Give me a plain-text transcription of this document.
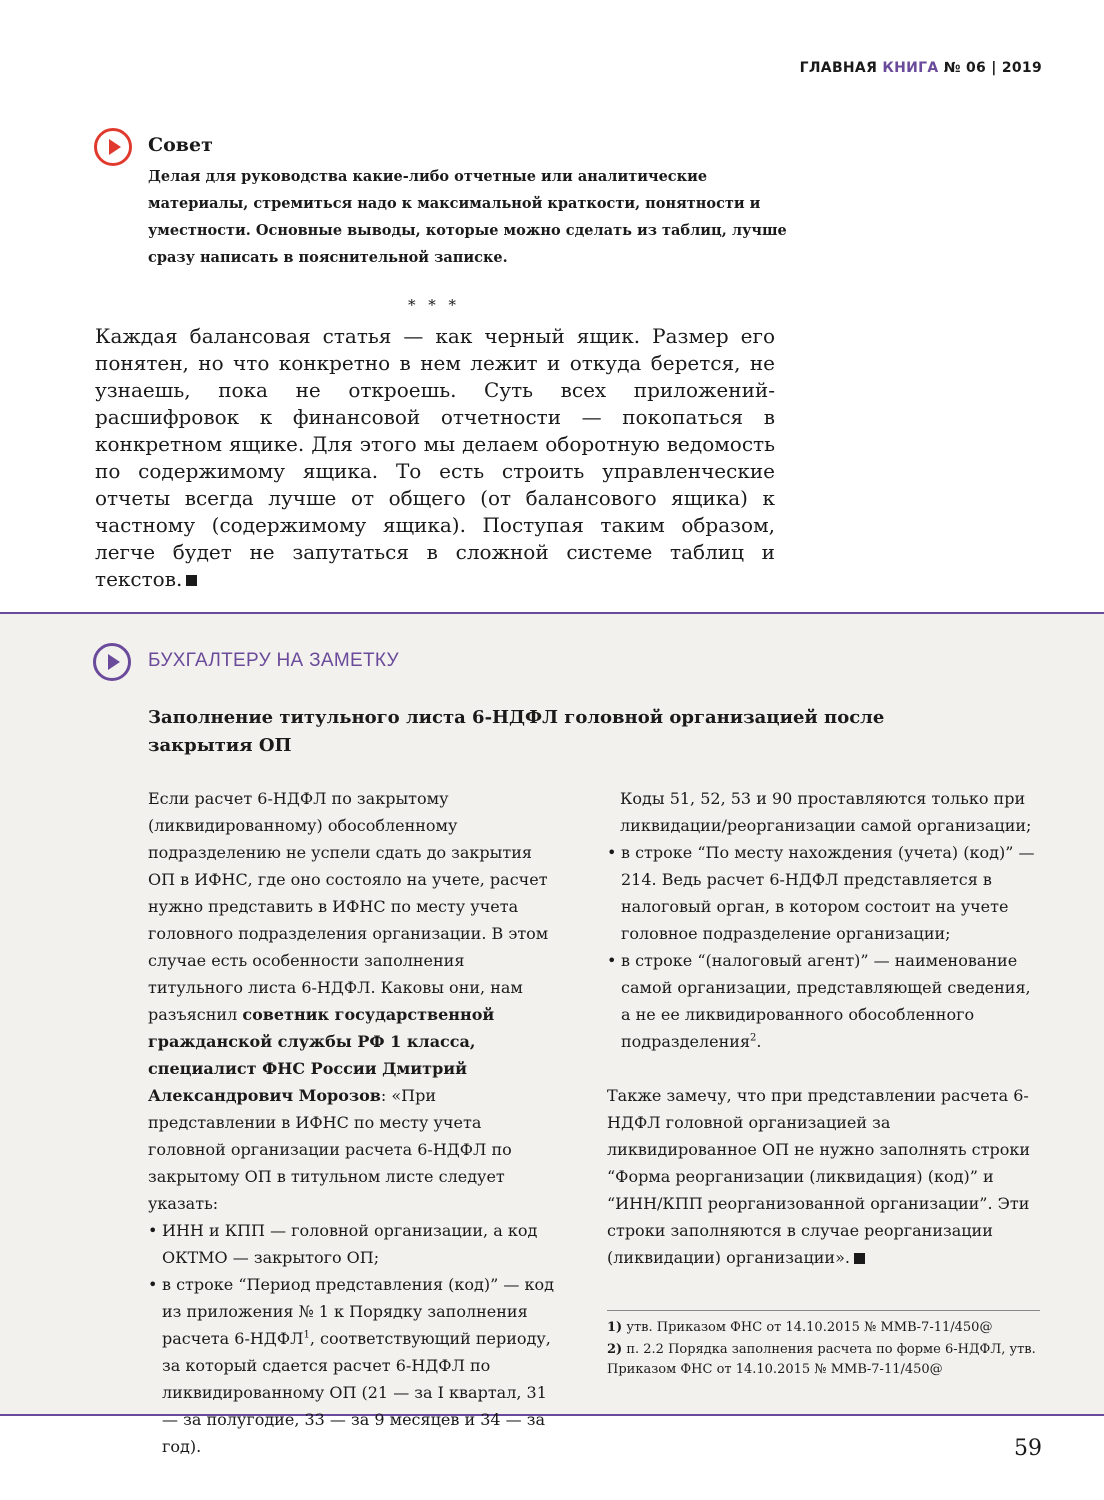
ГЛАВНАЯ КНИГА № 06 | 2019
Совет
Делая для руководства какие-либо отчетные или аналитические материалы, стремиться надо к максимальной краткости, понятности и уместности. Основные выводы, которые можно сделать из таблиц, лучше сразу написать в пояснительной записке.
* * *
Каждая балансовая статья — как черный ящик. Размер его понятен, но что конкретно в нем лежит и откуда берется, не узнаешь, пока не откроешь. Суть всех приложений-расшифровок к финансовой отчетности — покопаться в конкретном ящике. Для этого мы делаем оборотную ведомость по содержимому ящика. То есть строить управленческие отчеты всегда лучше от общего (от балансового ящика) к частному (содержимому ящика). Поступая таким образом, легче будет не запутаться в сложной системе таблиц и текстов.
БУХГАЛТЕРУ НА ЗАМЕТКУ
Заполнение титульного листа 6-НДФЛ головной организацией после закрытия ОП

Если расчет 6-НДФЛ по закрытому (ликвидированному) обособленному подразделению не успели сдать до закрытия ОП в ИФНС, где оно состояло на учете, расчет нужно представить в ИФНС по месту учета головного подразделения организации. В этом случае есть особенности заполнения титульного листа 6-НДФЛ. Каковы они, нам разъяснил советник государственной гражданской службы РФ 1 класса, специалист ФНС России Дмитрий Александрович Морозов: «При представлении в ИФНС по месту учета головной организации расчета 6-НДФЛ по закрытому ОП в титульном листе следует указать:

• ИНН и КПП — головной организации, а код ОКТМО — закрытого ОП;
• в строке “Период представления (код)” — код из приложения № 1 к Порядку заполнения расчета 6-НДФЛ$^1$, соответствующий периоду, за который сдается расчет 6-НДФЛ по ликвидированному ОП (21 — за I квартал, 31 — за полугодие, 33 — за 9 месяцев и 34 — за год).

Коды 51, 52, 53 и 90 проставляются только при ликвидации/реорганизации самой организации;

• в строке “По месту нахождения (учета) (код)” — 214. Ведь расчет 6-НДФЛ представляется в налоговый орган, в котором состоит на учете головное подразделение организации;
• в строке “(налоговый агент)” — наименование самой организации, представляющей сведения, а не ее ликвидированного обособленного подразделения$^2$.

Также замечу, что при представлении расчета 6-НДФЛ головной организацией за ликвидированное ОП не нужно заполнять строки “Форма реорганизации (ликвидация) (код)” и “ИНН/КПП реорганизованной организации”. Эти строки заполняются в случае реорганизации (ликвидации) организации».

1) утв. Приказом ФНС от 14.10.2015 № ММВ-7-11/450@

2) п. 2.2 Порядка заполнения расчета по форме 6-НДФЛ, утв. Приказом ФНС от 14.10.2015 № ММВ-7-11/450@

59
